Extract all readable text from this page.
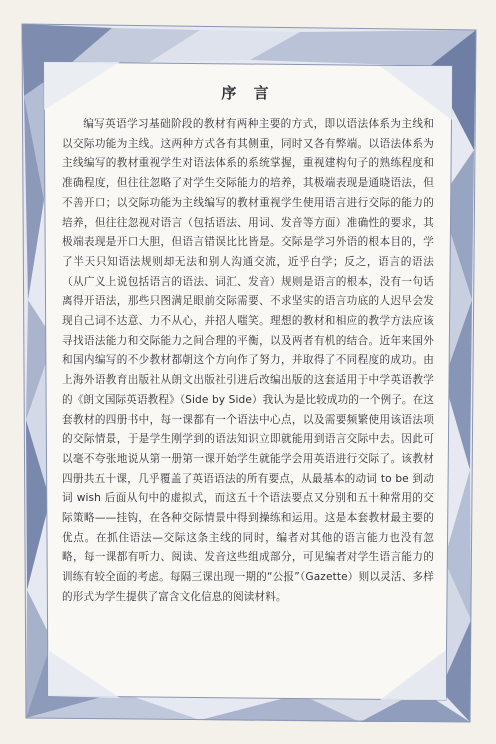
序 言

编写英语学习基础阶段的教材有两种主要的方式，即以语法体系为主线和以交际功能为主线。这两种方式各有其侧重，同时又各有弊端。以语法体系为主线编写的教材重视学生对语法体系的系统掌握，重视建构句子的熟练程度和准确程度，但往往忽略了对学生交际能力的培养，其极端表现是通晓语法，但不善开口；以交际功能为主线编写的教材重视学生使用语言进行交际的能力的培养，但往往忽视对语言（包括语法、用词、发音等方面）准确性的要求，其极端表现是开口大胆，但语言错误比比皆是。交际是学习外语的根本目的，学了半天只知语法规则却无法和别人沟通交流，近乎白学；反之，语言的语法（从广义上说包括语言的语法、词汇、发音）规则是语言的根本，没有一句话离得开语法，那些只图满足眼前交际需要、不求坚实的语言功底的人迟早会发现自己词不达意、力不从心，并招人嗤笑。理想的教材和相应的教学方法应该寻找语法能力和交际能力之间合理的平衡，以及两者有机的结合。近年来国外和国内编写的不少教材都朝这个方向作了努力，并取得了不同程度的成功。由上海外语教育出版社从朗文出版社引进后改编出版的这套适用于中学英语教学的《朗文国际英语教程》（Side by Side）我认为是比较成功的一个例子。在这套教材的四册书中，每一课都有一个语法中心点，以及需要频繁使用该语法项的交际情景，于是学生刚学到的语法知识立即就能用到语言交际中去。因此可以毫不夸张地说从第一册第一课开始学生就能学会用英语进行交际了。该教材四册共五十课，几乎覆盖了英语语法的所有要点，从最基本的动词 to be 到动词 wish 后面从句中的虚拟式，而这五十个语法要点又分别和五十种常用的交际策略——挂钩，在各种交际情景中得到操练和运用。这是本套教材最主要的优点。在抓住语法—交际这条主线的同时，编者对其他的语言能力也没有忽略，每一课都有听力、阅读、发音这些组成部分，可见编者对学生语言能力的训练有较全面的考虑。每隔三课出现一期的“公报”（Gazette）则以灵活、多样的形式为学生提供了富含文化信息的阅读材料。
